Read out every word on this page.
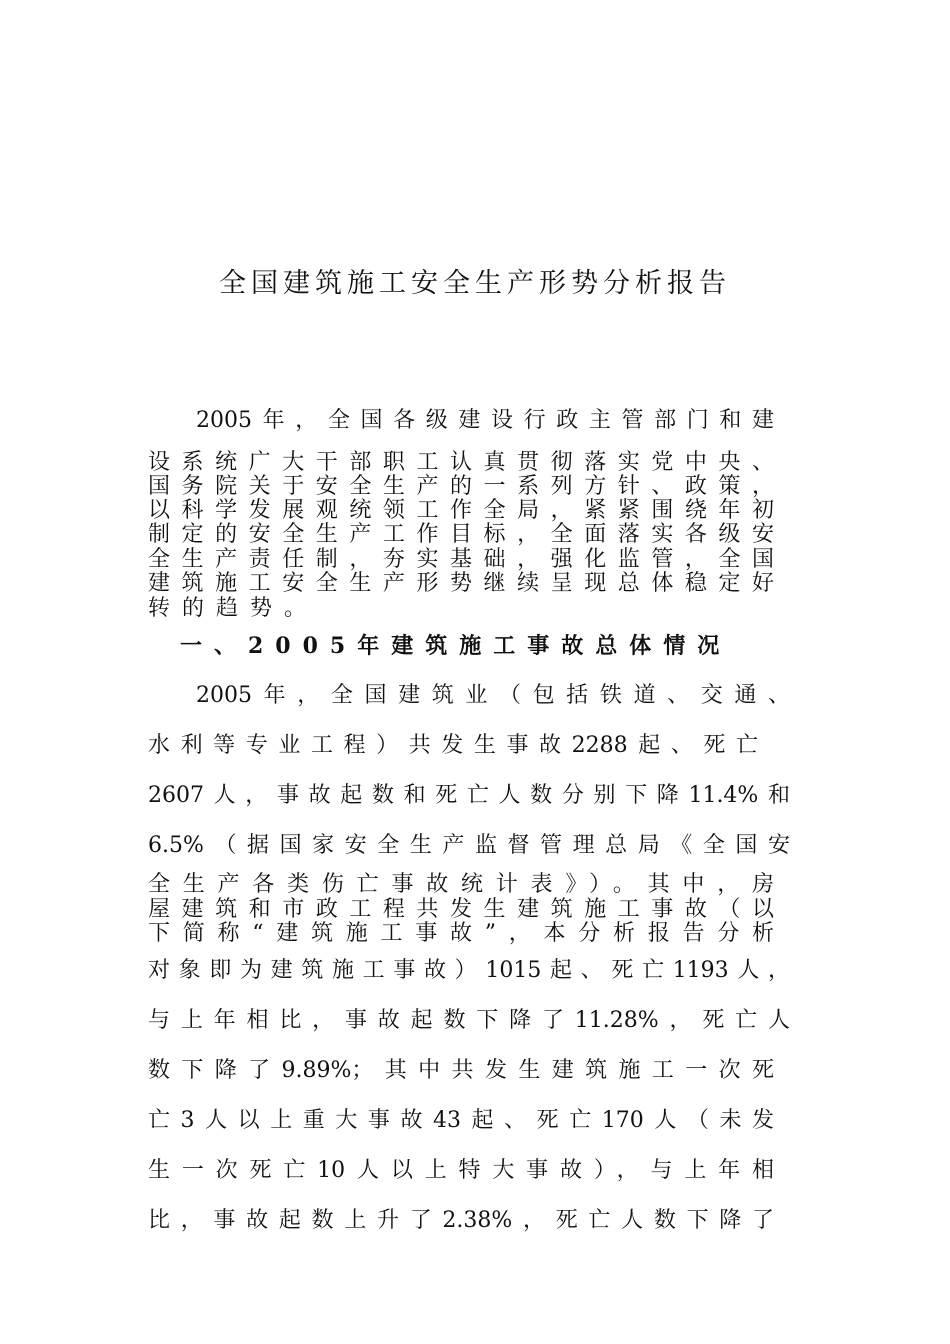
全国建筑施工安全生产形势分析报告

2005年，全国各级建设行政主管部门和建

设系统广大干部职工认真贯彻落实党中央、

国务院关于安全生产的一系列方针、政策，

以科学发展观统领工作全局，紧紧围绕年初

制定的安全生产工作目标，全面落实各级安

全生产责任制，夯实基础，强化监管，全国

建筑施工安全生产形势继续呈现总体稳定好

转的趋势。

一、2005年建筑施工事故总体情况

2005年，全国建筑业（包括铁道、交通、

水利等专业工程）共发生事故2288起、死亡

2607人，事故起数和死亡人数分别下降11.4%和

6.5%（据国家安全生产监督管理总局《全国安

全生产各类伤亡事故统计表》）。其中，房

屋建筑和市政工程共发生建筑施工事故（以

下简称“建筑施工事故”，本分析报告分析

对象即为建筑施工事故）1015起、死亡1193人，

与上年相比，事故起数下降了11.28%，死亡人

数下降了9.89%；其中共发生建筑施工一次死

亡3人以上重大事故43起、死亡170人（未发

生一次死亡10人以上特大事故），与上年相

比，事故起数上升了2.38%，死亡人数下降了
